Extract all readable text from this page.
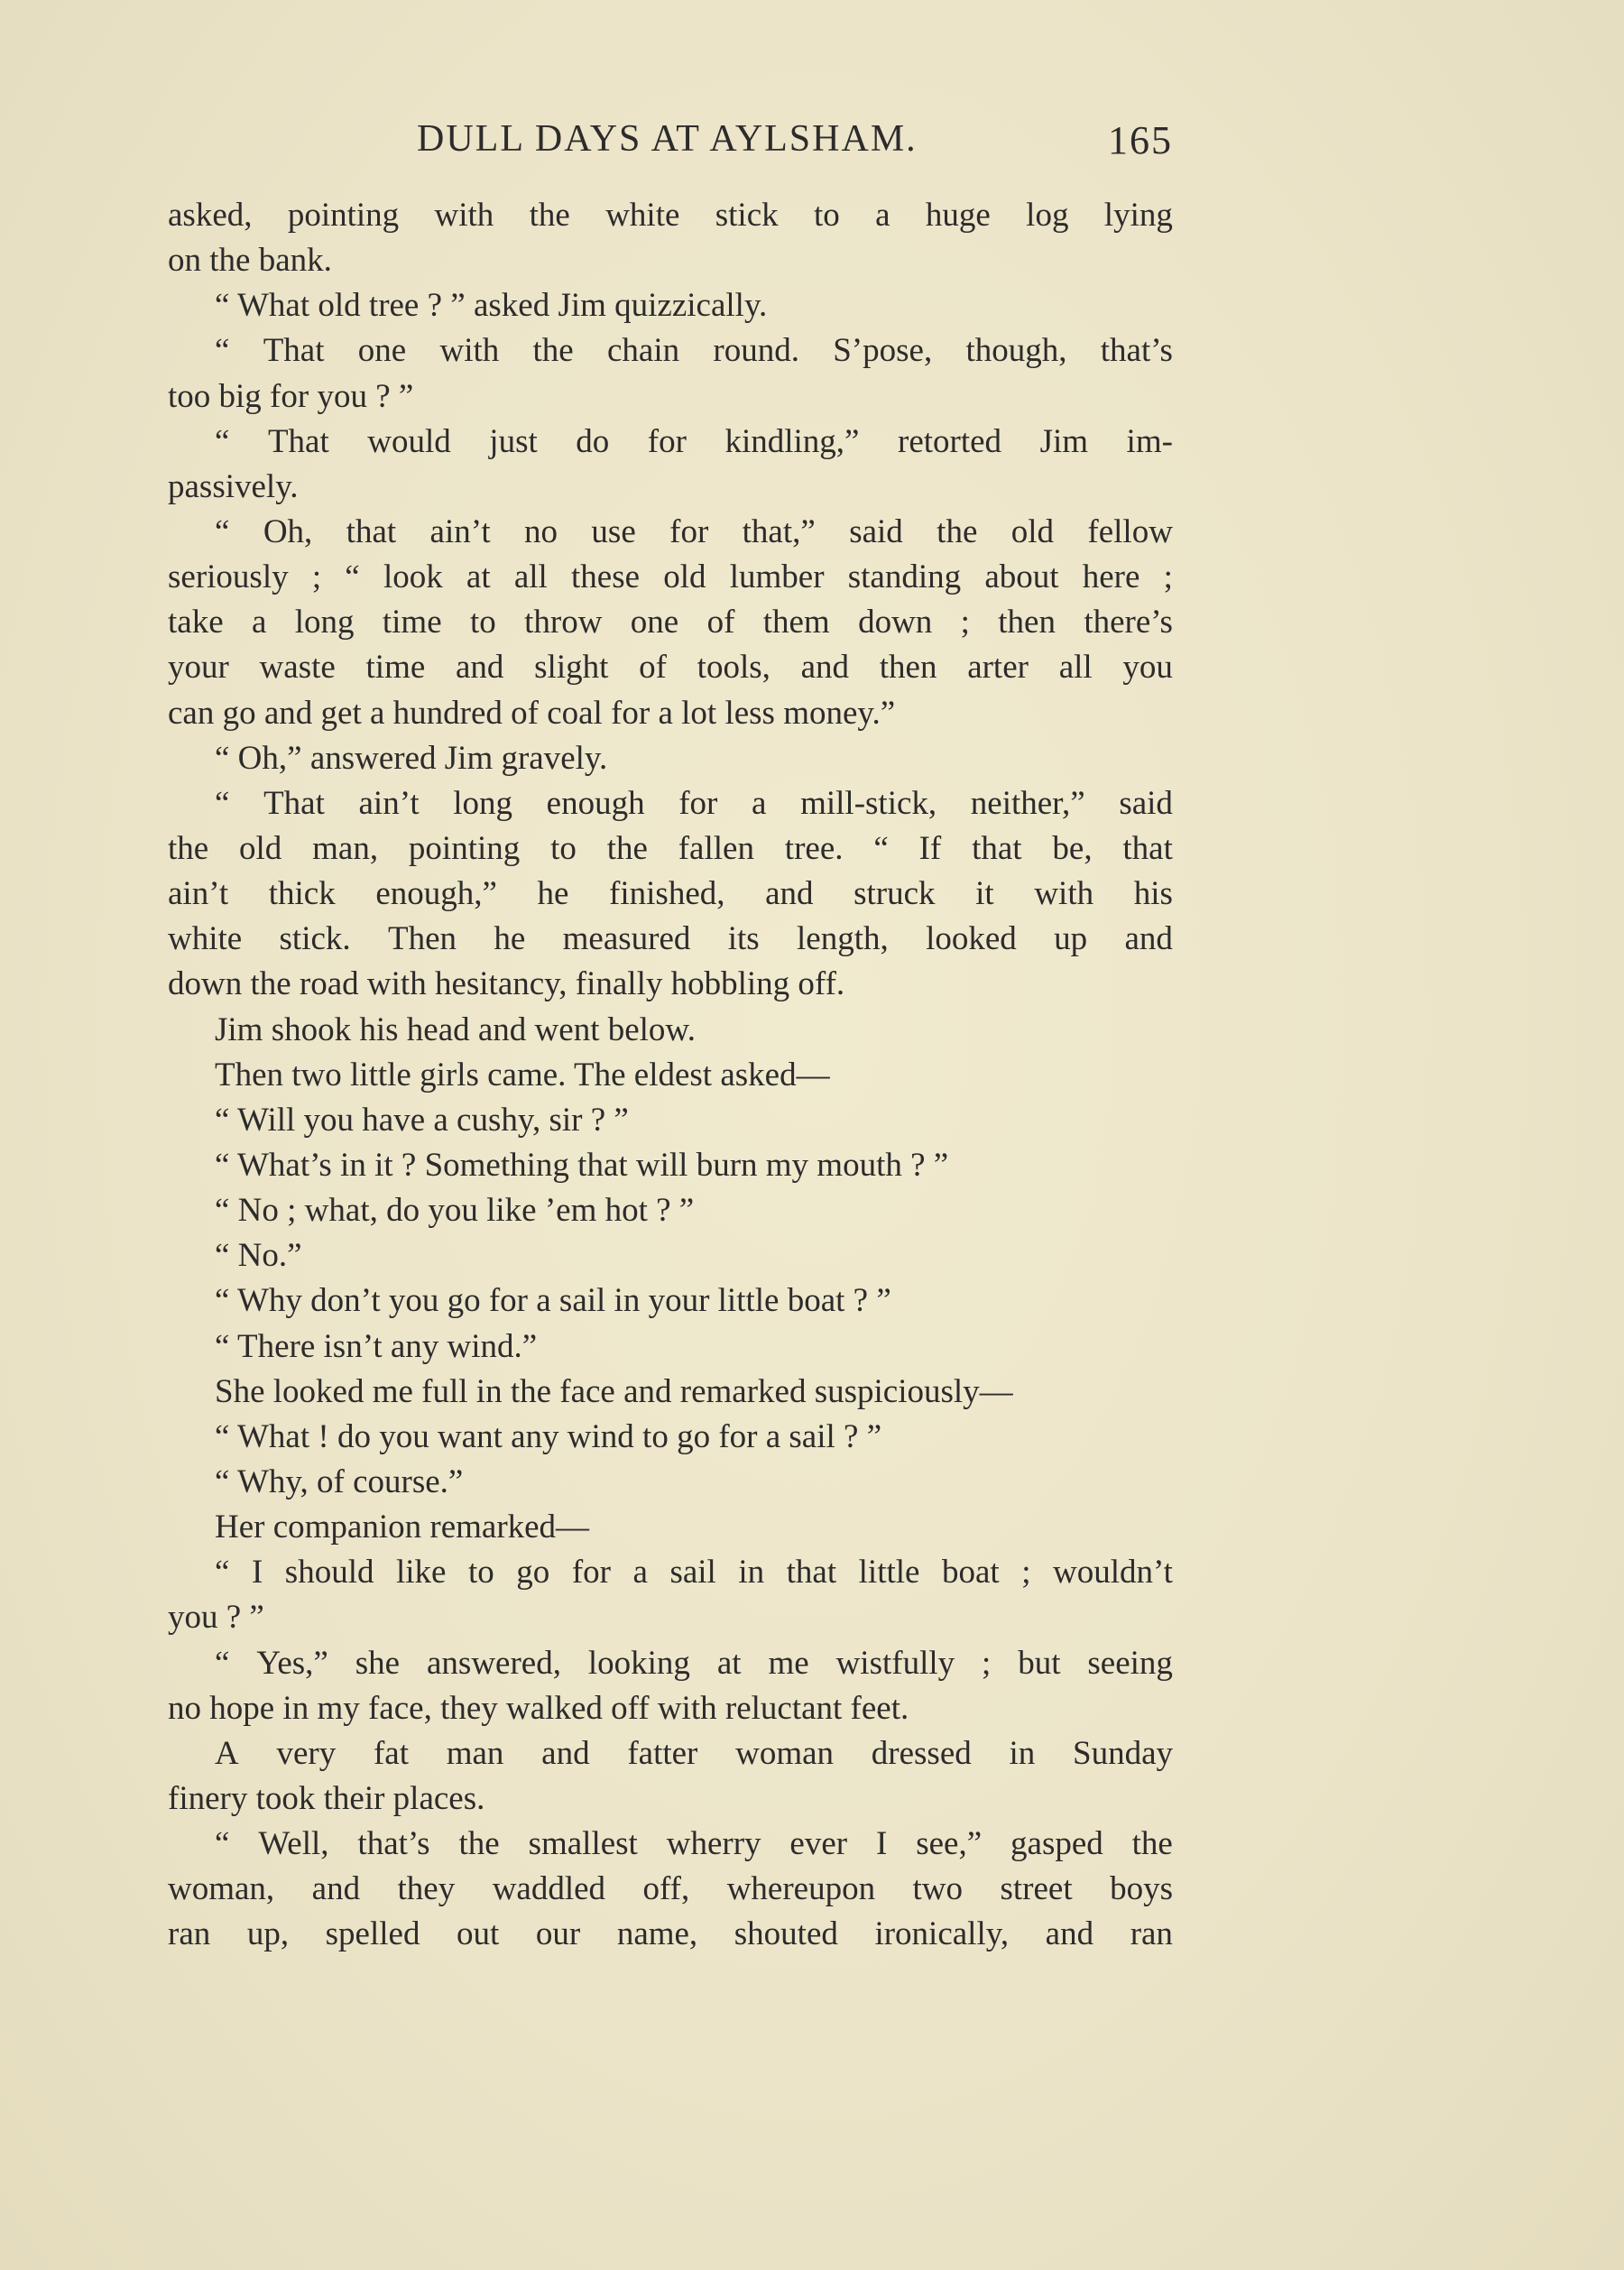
DULL DAYS AT AYLSHAM.	165
asked, pointing with the white stick to a huge log lying
on the bank.
“ What old tree ? ” asked Jim quizzically.
“ That one with the chain round. S’pose, though, that’s
too big for you ? ”
“ That would just do for kindling,” retorted Jim im-
passively.
“ Oh, that ain’t no use for that,” said the old fellow
seriously ; “ look at all these old lumber standing about here ;
take a long time to throw one of them down ; then there’s
your waste time and slight of tools, and then arter all you
can go and get a hundred of coal for a lot less money.”
“ Oh,” answered Jim gravely.
“ That ain’t long enough for a mill-stick, neither,” said
the old man, pointing to the fallen tree. “ If that be, that
ain’t thick enough,” he finished, and struck it with his
white stick. Then he measured its length, looked up and
down the road with hesitancy, finally hobbling off.
Jim shook his head and went below.
Then two little girls came. The eldest asked—
“ Will you have a cushy, sir ? ”
“ What’s in it ? Something that will burn my mouth ? ”
“ No ; what, do you like ’em hot ? ”
“ No.”
“ Why don’t you go for a sail in your little boat ? ”
“ There isn’t any wind.”
She looked me full in the face and remarked suspiciously—
“ What ! do you want any wind to go for a sail ? ”
“ Why, of course.”
Her companion remarked—
“ I should like to go for a sail in that little boat ; wouldn’t
you ? ”
“ Yes,” she answered, looking at me wistfully ; but seeing
no hope in my face, they walked off with reluctant feet.
A very fat man and fatter woman dressed in Sunday
finery took their places.
“ Well, that’s the smallest wherry ever I see,” gasped the
woman, and they waddled off, whereupon two street boys
ran up, spelled out our name, shouted ironically, and ran
